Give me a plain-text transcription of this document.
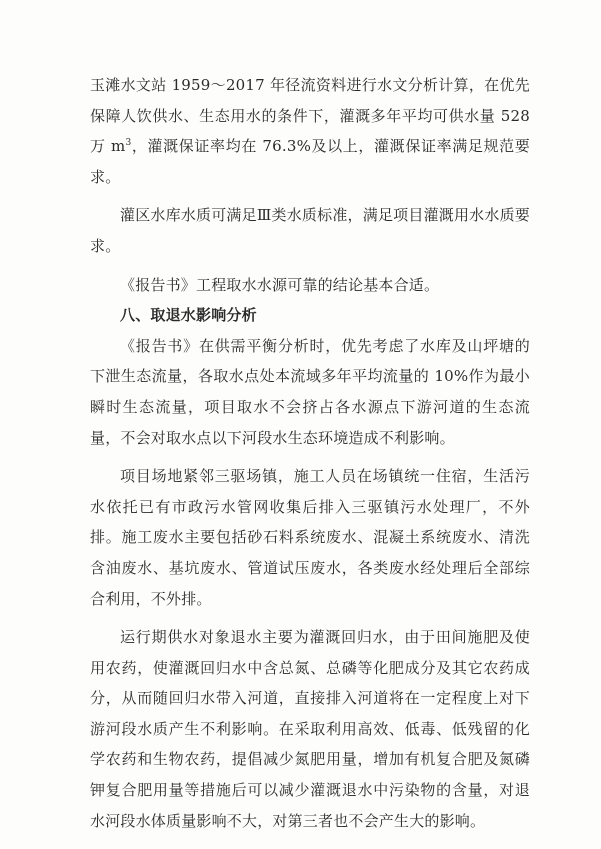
玉滩水文站 1959～2017 年径流资料进行水文分析计算，在优先保障人饮供水、生态用水的条件下，灌溉多年平均可供水量 528 万 $m^3$，灌溉保证率均在 76.3%及以上，灌溉保证率满足规范要求。

灌区水库水质可满足Ⅲ类水质标准，满足项目灌溉用水水质要求。

《报告书》工程取水水源可靠的结论基本合适。

八、取退水影响分析

《报告书》在供需平衡分析时，优先考虑了水库及山坪塘的下泄生态流量，各取水点处本流域多年平均流量的 10%作为最小瞬时生态流量，项目取水不会挤占各水源点下游河道的生态流量，不会对取水点以下河段水生态环境造成不利影响。

项目场地紧邻三驱场镇，施工人员在场镇统一住宿，生活污水依托已有市政污水管网收集后排入三驱镇污水处理厂，不外排。施工废水主要包括砂石料系统废水、混凝土系统废水、清洗含油废水、基坑废水、管道试压废水，各类废水经处理后全部综合利用，不外排。

运行期供水对象退水主要为灌溉回归水，由于田间施肥及使用农药，使灌溉回归水中含总氮、总磷等化肥成分及其它农药成分，从而随回归水带入河道，直接排入河道将在一定程度上对下游河段水质产生不利影响。在采取利用高效、低毒、低残留的化学农药和生物农药，提倡减少氮肥用量，增加有机复合肥及氮磷钾复合肥用量等措施后可以减少灌溉退水中污染物的含量，对退水河段水体质量影响不大，对第三者也不会产生大的影响。
